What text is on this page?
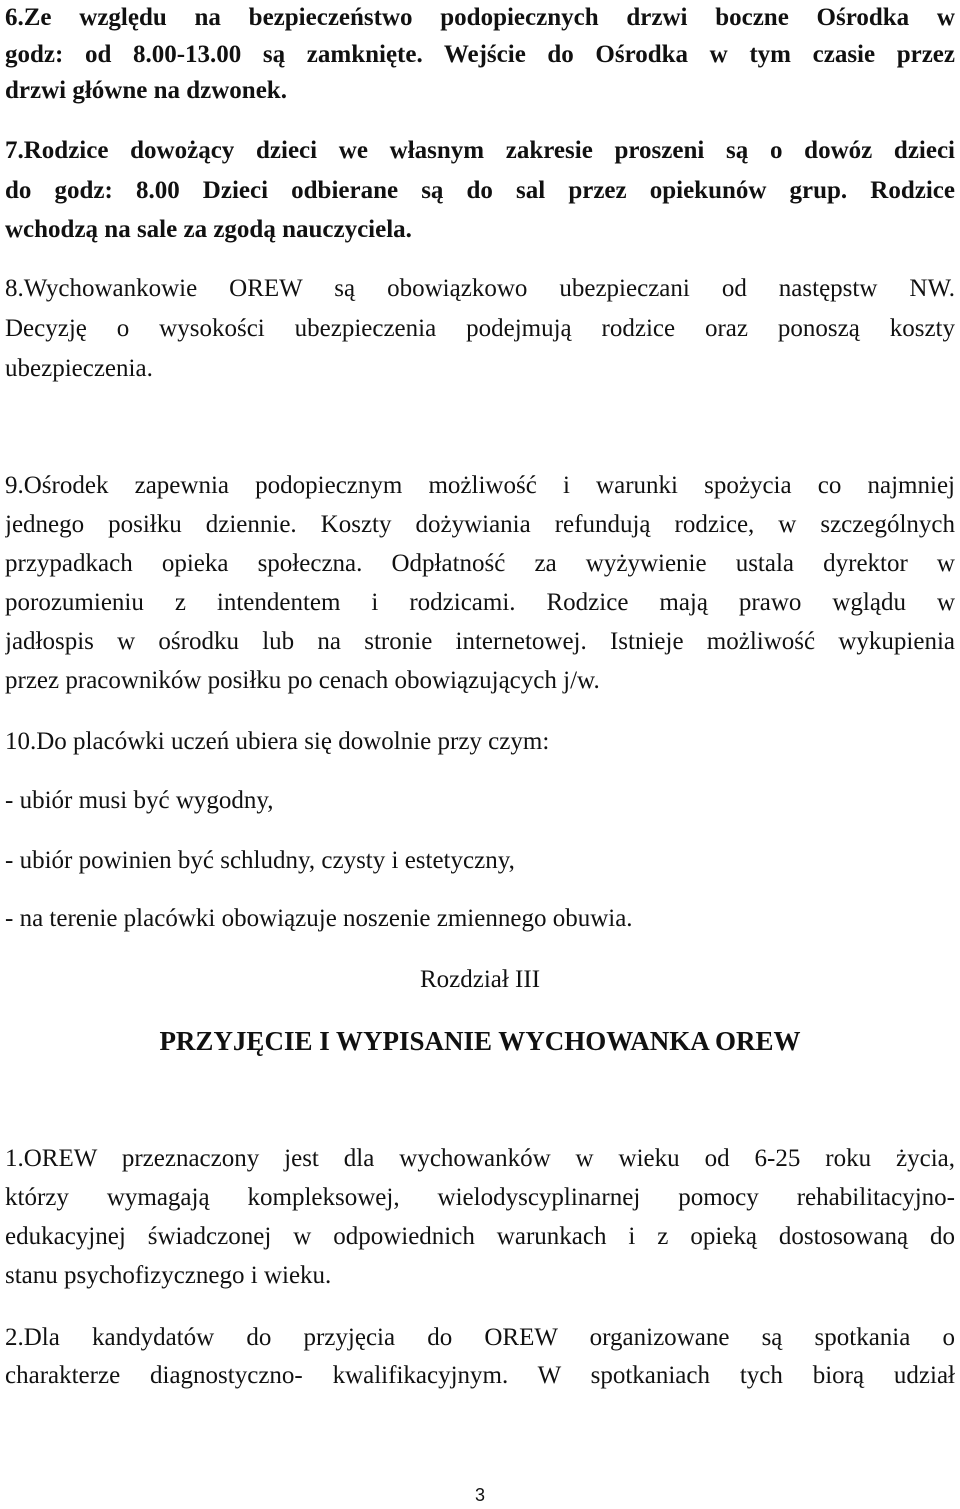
6.Ze względu na bezpieczeństwo podopiecznych drzwi boczne Ośrodka w
godz: od 8.00-13.00 są zamknięte. Wejście do Ośrodka w tym czasie przez
drzwi główne na dzwonek.
7.Rodzice dowożący dzieci we własnym zakresie proszeni są o dowóz dzieci
do godz: 8.00 Dzieci odbierane są do sal przez opiekunów grup. Rodzice
wchodzą na sale za zgodą nauczyciela.
8.Wychowankowie OREW są obowiązkowo ubezpieczani od następstw NW.
Decyzję o wysokości ubezpieczenia podejmują rodzice oraz ponoszą koszty
ubezpieczenia.
9.Ośrodek zapewnia podopiecznym możliwość i warunki spożycia co najmniej
jednego posiłku dziennie. Koszty dożywiania refundują rodzice, w szczególnych
przypadkach opieka społeczna. Odpłatność za wyżywienie ustala dyrektor w
porozumieniu z intendentem i rodzicami. Rodzice mają prawo wglądu w
jadłospis w ośrodku lub na stronie internetowej. Istnieje możliwość wykupienia
przez pracowników posiłku po cenach obowiązujących j/w.
10.Do placówki uczeń ubiera się dowolnie przy czym:
- ubiór musi być wygodny,
- ubiór powinien być schludny, czysty i estetyczny,
- na terenie placówki obowiązuje noszenie zmiennego obuwia.
Rozdział III
PRZYJĘCIE I WYPISANIE WYCHOWANKA OREW
1.OREW przeznaczony jest dla wychowanków w wieku od 6-25 roku życia,
którzy wymagają kompleksowej, wielodyscyplinarnej pomocy rehabilitacyjno-
edukacyjnej świadczonej w odpowiednich warunkach i z opieką dostosowaną do
stanu psychofizycznego i wieku.
2.Dla kandydatów do przyjęcia do OREW organizowane są spotkania o
charakterze diagnostyczno- kwalifikacyjnym. W spotkaniach tych biorą udział
3
